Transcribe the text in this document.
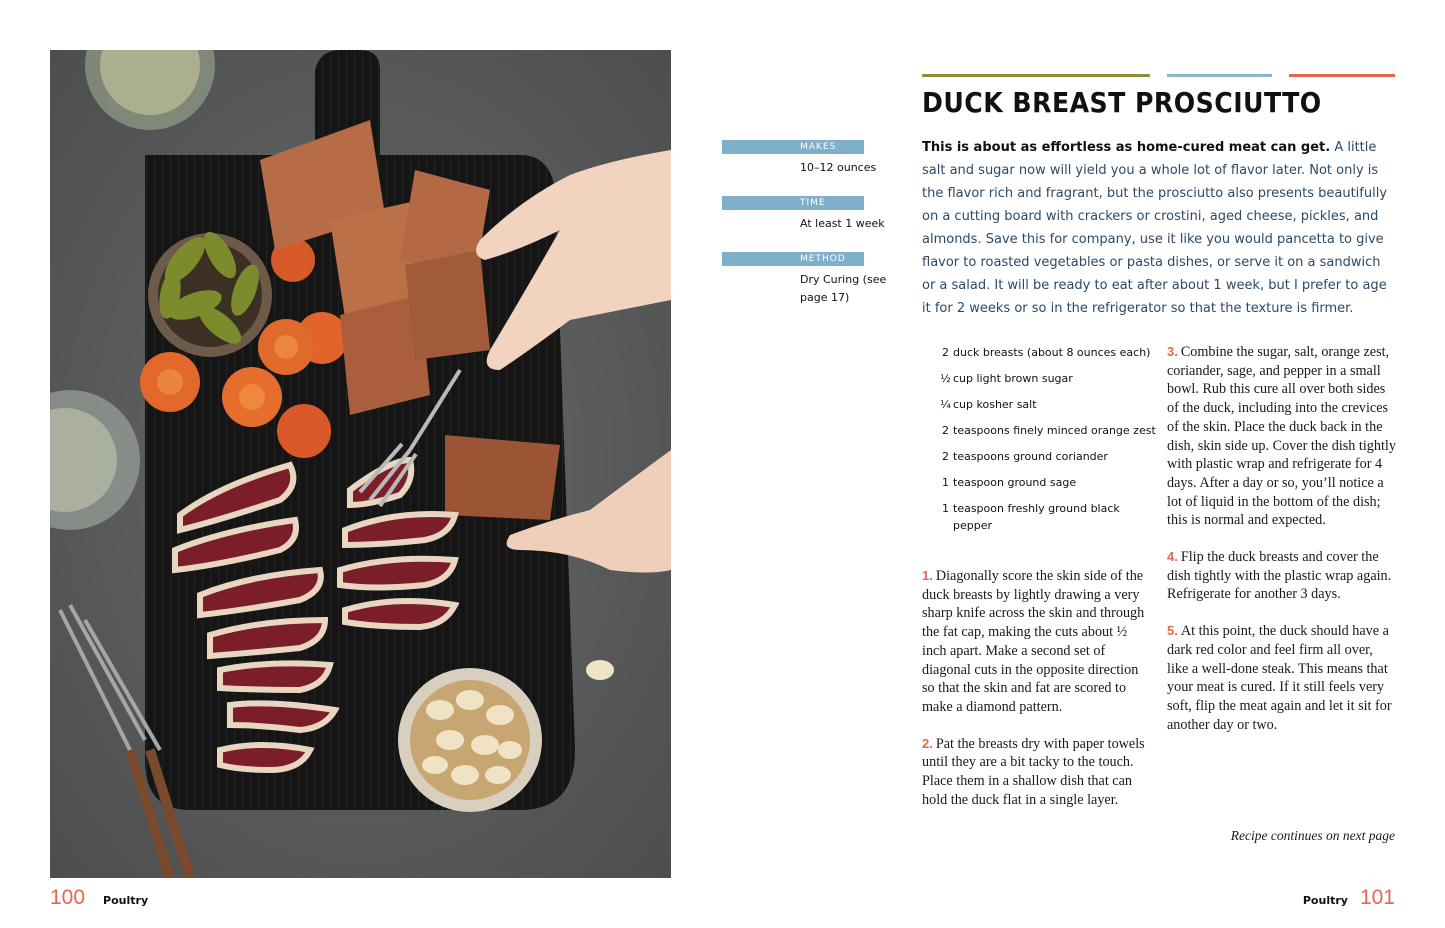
100 Poultry	Poultry 101
MAKES
10–12 ounces
TIME
At least 1 week
METHOD
Dry Curing (see page 17)
DUCK BREAST PROSCIUTTO
This is about as effortless as home-cured meat can get. A little salt and sugar now will yield you a whole lot of flavor later. Not only is the flavor rich and fragrant, but the prosciutto also presents beautifully on a cutting board with crackers or crostini, aged cheese, pickles, and almonds. Save this for company, use it like you would pancetta to give flavor to roasted vegetables or pasta dishes, or serve it on a sandwich or a salad. It will be ready to eat after about 1 week, but I prefer to age it for 2 weeks or so in the refrigerator so that the texture is firmer.
2 duck breasts (about 8 ounces each)
½ cup light brown sugar
¼ cup kosher salt
2 teaspoons finely minced orange zest
2 teaspoons ground coriander
1 teaspoon ground sage
1 teaspoon freshly ground black pepper

1. Diagonally score the skin side of the duck breasts by lightly drawing a very sharp knife across the skin and through the fat cap, making the cuts about ½ inch apart. Make a second set of diagonal cuts in the opposite direction so that the skin and fat are scored to make a diamond pattern.

2. Pat the breasts dry with paper towels until they are a bit tacky to the touch. Place them in a shallow dish that can hold the duck flat in a single layer.

3. Combine the sugar, salt, orange zest, coriander, sage, and pepper in a small bowl. Rub this cure all over both sides of the duck, including into the crevices of the skin. Place the duck back in the dish, skin side up. Cover the dish tightly with plastic wrap and refrigerate for 4 days. After a day or so, you’ll notice a lot of liquid in the bottom of the dish; this is normal and expected.

4. Flip the duck breasts and cover the dish tightly with the plastic wrap again. Refrigerate for another 3 days.

5. At this point, the duck should have a dark red color and feel firm all over, like a well-done steak. This means that your meat is cured. If it still feels very soft, flip the meat again and let it sit for another day or two.

Recipe continues on next page
